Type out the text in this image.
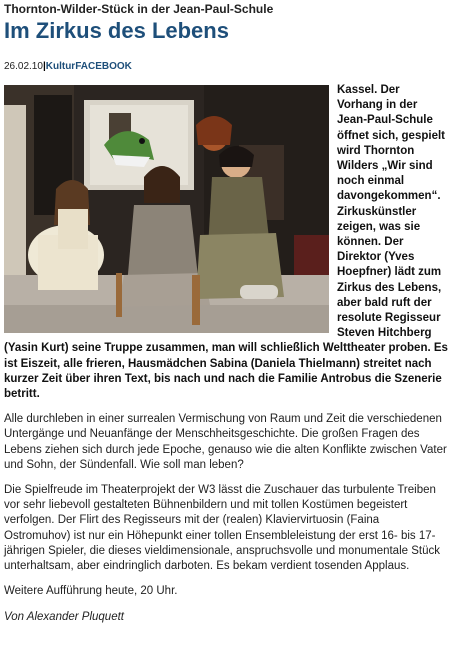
Thornton-Wilder-Stück in der Jean-Paul-Schule

Im Zirkus des Lebens
26.02.10|KulturFACEBOOK
Kassel. Der Vorhang in der Jean-Paul-Schule öffnet sich, gespielt wird Thornton Wilders „Wir sind noch einmal davongekommen“. Zirkuskünstler zeigen, was sie können. Der Direktor (Yves Hoepfner) lädt zum Zirkus des Lebens, aber bald ruft der resolute Regisseur Steven Hitchberg (Yasin Kurt) seine Truppe zusammen, man will schließlich Welttheater proben. Es ist Eiszeit, alle frieren, Hausmädchen Sabina (Daniela Thielmann) streitet nach kurzer Zeit über ihren Text, bis nach und nach die Familie Antrobus die Szenerie betritt.

Alle durchleben in einer surrealen Vermischung von Raum und Zeit die verschiedenen Untergänge und Neuanfänge der Menschheitsgeschichte. Die großen Fragen des Lebens ziehen sich durch jede Epoche, genauso wie die alten Konflikte zwischen Vater und Sohn, der Sündenfall. Wie soll man leben?

Die Spielfreude im Theaterprojekt der W3 lässt die Zuschauer das turbulente Treiben vor sehr liebevoll gestalteten Bühnenbildern und mit tollen Kostümen begeistert verfolgen. Der Flirt des Regisseurs mit der (realen) Klaviervirtuosin (Faina Ostromuhov) ist nur ein Höhepunkt einer tollen Ensembleleistung der erst 16- bis 17-jährigen Spieler, die dieses vieldimensionale, anspruchsvolle und monumentale Stück unterhaltsam, aber eindringlich darboten. Es bekam verdient tosenden Applaus.

Weitere Aufführung heute, 20 Uhr.

Von Alexander Pluquett
